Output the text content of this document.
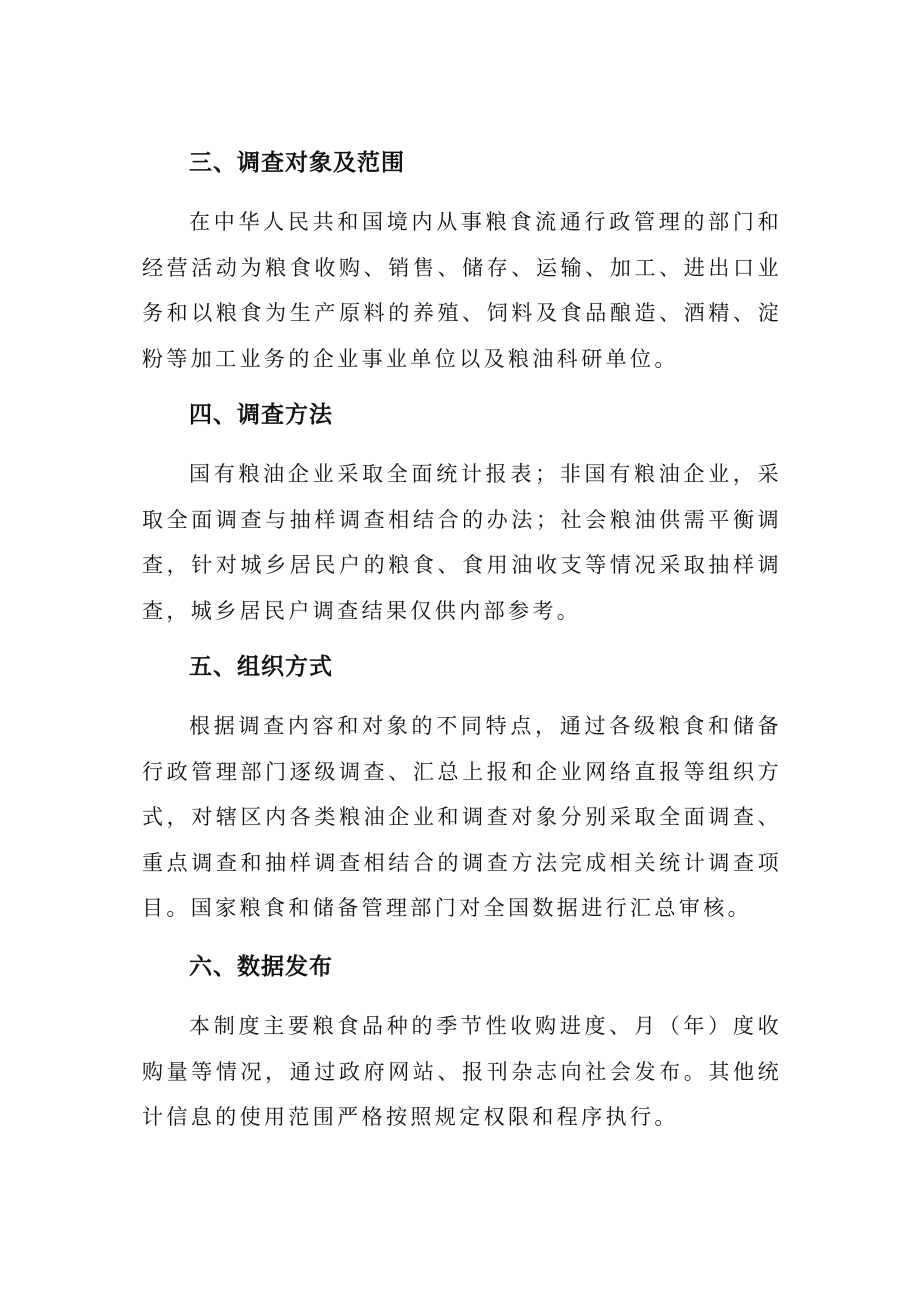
三、调查对象及范围

在中华人民共和国境内从事粮食流通行政管理的部门和经营活动为粮食收购、销售、储存、运输、加工、进出口业务和以粮食为生产原料的养殖、饲料及食品酿造、酒精、淀粉等加工业务的企业事业单位以及粮油科研单位。

四、调查方法

国有粮油企业采取全面统计报表；非国有粮油企业，采取全面调查与抽样调查相结合的办法；社会粮油供需平衡调查，针对城乡居民户的粮食、食用油收支等情况采取抽样调查，城乡居民户调查结果仅供内部参考。

五、组织方式

根据调查内容和对象的不同特点，通过各级粮食和储备行政管理部门逐级调查、汇总上报和企业网络直报等组织方式，对辖区内各类粮油企业和调查对象分别采取全面调查、重点调查和抽样调查相结合的调查方法完成相关统计调查项目。国家粮食和储备管理部门对全国数据进行汇总审核。

六、数据发布

本制度主要粮食品种的季节性收购进度、月（年）度收购量等情况，通过政府网站、报刊杂志向社会发布。其他统计信息的使用范围严格按照规定权限和程序执行。
